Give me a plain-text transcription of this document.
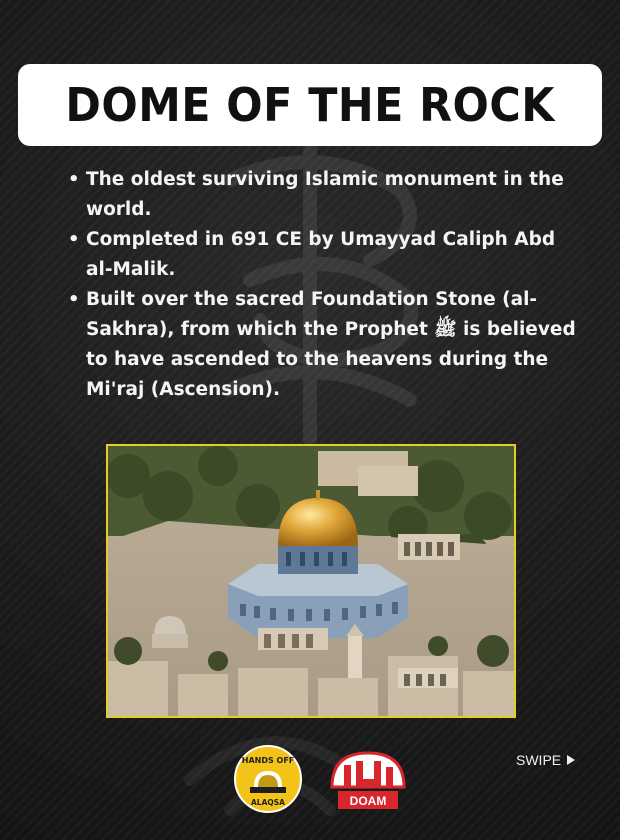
DOME OF THE ROCK
• The oldest surviving Islamic monument in the
world.
• Completed in 691 CE by Umayyad Caliph Abd
al-Malik.
• Built over the sacred Foundation Stone (al-
Sakhra), from which the Prophet ﷺ is believed
to have ascended to the heavens during the
Mi'raj (Ascension).
HANDS OFF
ALAQSA	DOAM
SWIPE
